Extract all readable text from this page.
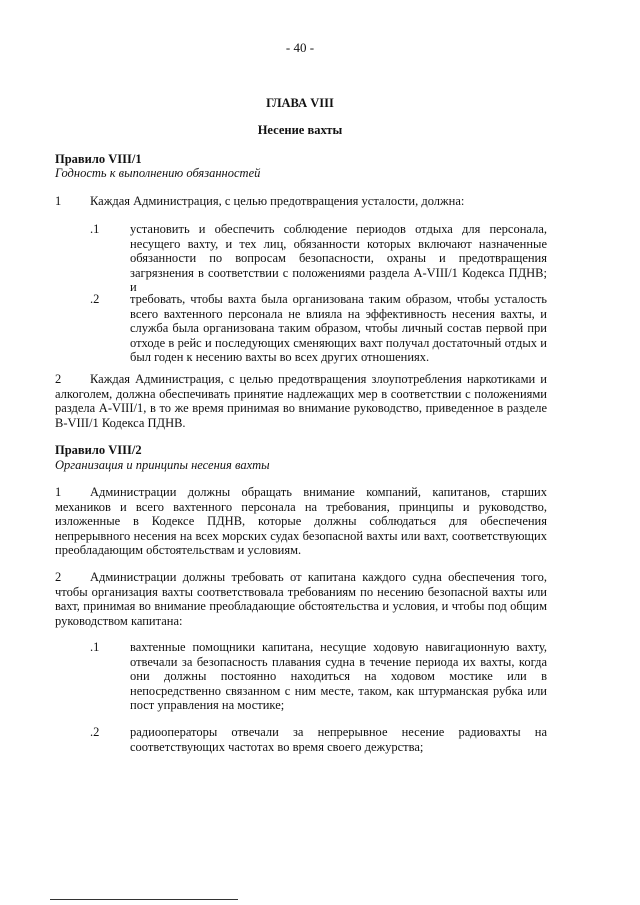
- 40 -
ГЛАВА VIII
Несение вахты
Правило VIII/1
Годность к выполнению обязанностей
1 Каждая Администрация, с целью предотвращения усталости, должна:
.1 установить и обеспечить соблюдение периодов отдыха для персонала, несущего вахту, и тех лиц, обязанности которых включают назначенные обязанности по вопросам безопасности, охраны и предотвращения загрязнения в соответствии с положениями раздела A-VIII/1 Кодекса ПДНВ; и
.2 требовать, чтобы вахта была организована таким образом, чтобы усталость всего вахтенного персонала не влияла на эффективность несения вахты, и служба была организована таким образом, чтобы личный состав первой при отходе в рейс и последующих сменяющих вахт получал достаточный отдых и был годен к несению вахты во всех других отношениях.
2	Каждая Администрация, с целью предотвращения злоупотребления наркотиками и алкоголем, должна обеспечивать принятие надлежащих мер в соответствии с положениями раздела A-VIII/1, в то же время принимая во внимание руководство, приведенное в разделе B-VIII/1 Кодекса ПДНВ.
Правило VIII/2
Организация и принципы несения вахты
1	Администрации должны обращать внимание компаний, капитанов, старших механиков и всего вахтенного персонала на требования, принципы и руководство, изложенные в Кодексе ПДНВ, которые должны соблюдаться для обеспечения непрерывного несения на всех морских судах безопасной вахты или вахт, соответствующих преобладающим обстоятельствам и условиям.
2	Администрации должны требовать от капитана каждого судна обеспечения того, чтобы организация вахты соответствовала требованиям по несению безопасной вахты или вахт, принимая во внимание преобладающие обстоятельства и условия, и чтобы под общим руководством капитана:
.1 вахтенные помощники капитана, несущие ходовую навигационную вахту, отвечали за безопасность плавания судна в течение периода их вахты, когда они должны постоянно находиться на ходовом мостике или в непосредственно связанном с ним месте, таком, как штурманская рубка или пост управления на мостике;
.2 радиооператоры отвечали за непрерывное несение радиовахты на соответствующих частотах во время своего дежурства;
